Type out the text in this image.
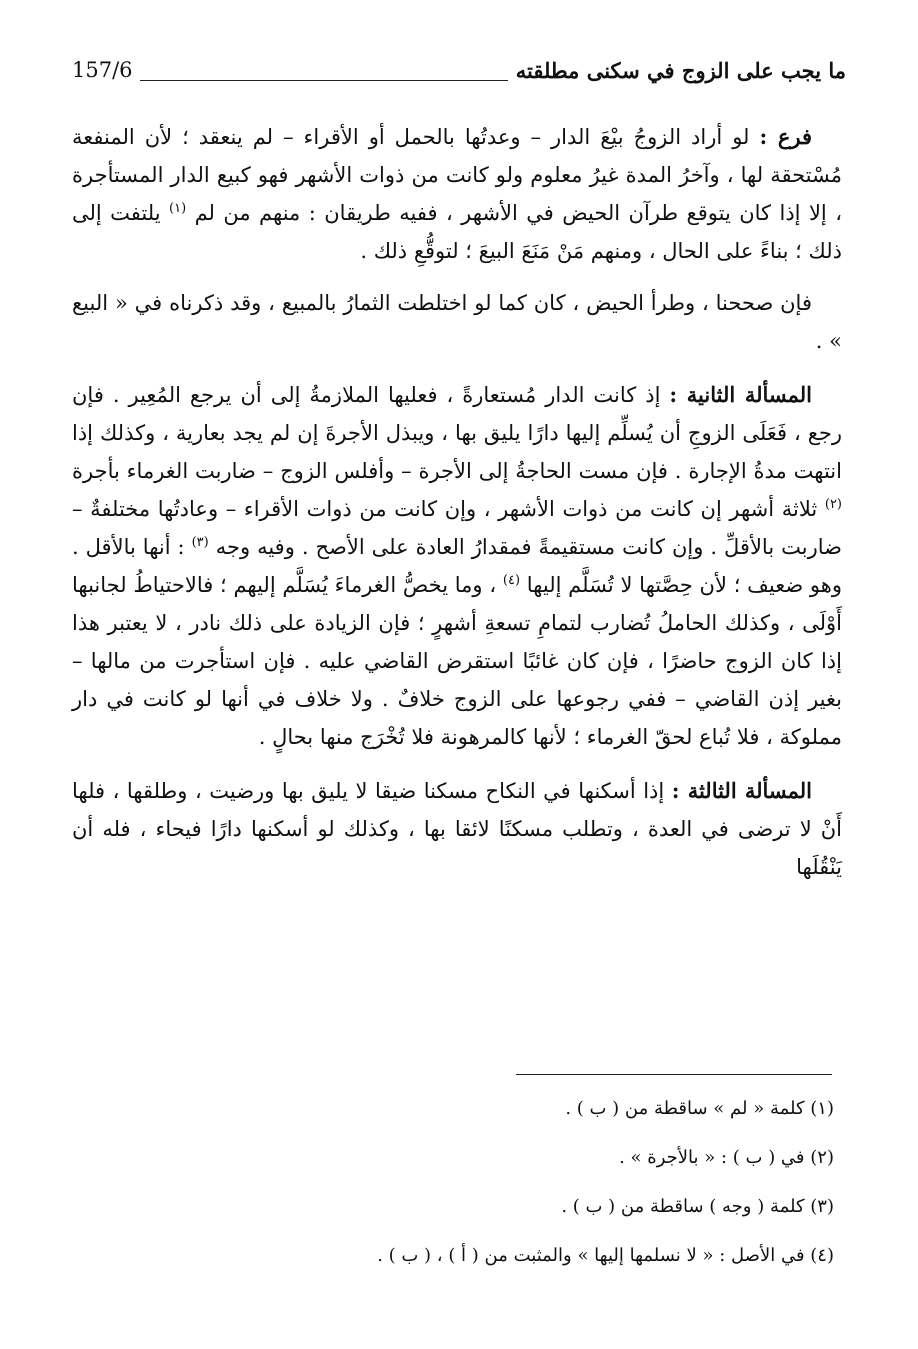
ما يجب على الزوج في سكنى مطلقته
157/6

فرع : لو أراد الزوجُ بيْعَ الدار – وعدتُها بالحمل أو الأقراء – لم ينعقد ؛ لأن المنفعة مُسْتحقة لها ، وآخرُ المدة غيرُ معلوم ولو كانت من ذوات الأشهر فهو كبيع الدار المستأجرة ، إلا إذا كان يتوقع طرآن الحيض في الأشهر ، ففيه طريقان : منهم من لم $^{(١)}$ يلتفت إلى ذلك ؛ بناءً على الحال ، ومنهم مَنْ مَنَعَ البيعَ ؛ لتوقُّعِ ذلك .

فإن صححنا ، وطرأ الحيض ، كان كما لو اختلطت الثمارُ بالمبيع ، وقد ذكرناه في « البيع » .

المسألة الثانية : إذ كانت الدار مُستعارةً ، فعليها الملازمةُ إلى أن يرجع المُعِير . فإن رجع ، فَعَلَى الزوجِ أن يُسلِّم إليها دارًا يليق بها ، ويبذل الأجرةَ إن لم يجد بعارية ، وكذلك إذا انتهت مدةُ الإجارة . فإن مست الحاجةُ إلى الأجرة – وأفلس الزوج – ضاربت الغرماء بأجرة $^{(٢)}$ ثلاثة أشهر إن كانت من ذوات الأشهر ، وإن كانت من ذوات الأقراء – وعادتُها مختلفةٌ – ضاربت بالأقلِّ . وإن كانت مستقيمةً فمقدارُ العادة على الأصح . وفيه وجه $^{(٣)}$ : أنها بالأقل . وهو ضعيف ؛ لأن حِصَّتها لا تُسَلَّم إليها $^{(٤)}$ ، وما يخصُّ الغرماءَ يُسَلَّم إليهم ؛ فالاحتياطُ لجانبها أَوْلَى ، وكذلك الحاملُ تُضارب لتمامِ تسعةِ أشهرٍ ؛ فإن الزيادة على ذلك نادر ، لا يعتبر هذا إذا كان الزوج حاضرًا ، فإن كان غائبًا استقرض القاضي عليه . فإن استأجرت من مالها – بغير إذن القاضي – ففي رجوعها على الزوج خلافٌ . ولا خلاف في أنها لو كانت في دار مملوكة ، فلا تُباع لحقّ الغرماء ؛ لأنها كالمرهونة فلا تُخْرَج منها بحالٍ .

المسألة الثالثة : إذا أسكنها في النكاح مسكنا ضيقا لا يليق بها ورضيت ، وطلقها ، فلها أَنْ لا ترضى في العدة ، وتطلب مسكنًا لائقا بها ، وكذلك لو أسكنها دارًا فيحاء ، فله أن يَنْقُلَها

(١) كلمة « لم » ساقطة من ( ب ) .

(٢) في ( ب ) : « بالأجرة » .

(٣) كلمة ( وجه ) ساقطة من ( ب ) .

(٤) في الأصل : « لا نسلمها إليها » والمثبت من ( أ ) ، ( ب ) .
